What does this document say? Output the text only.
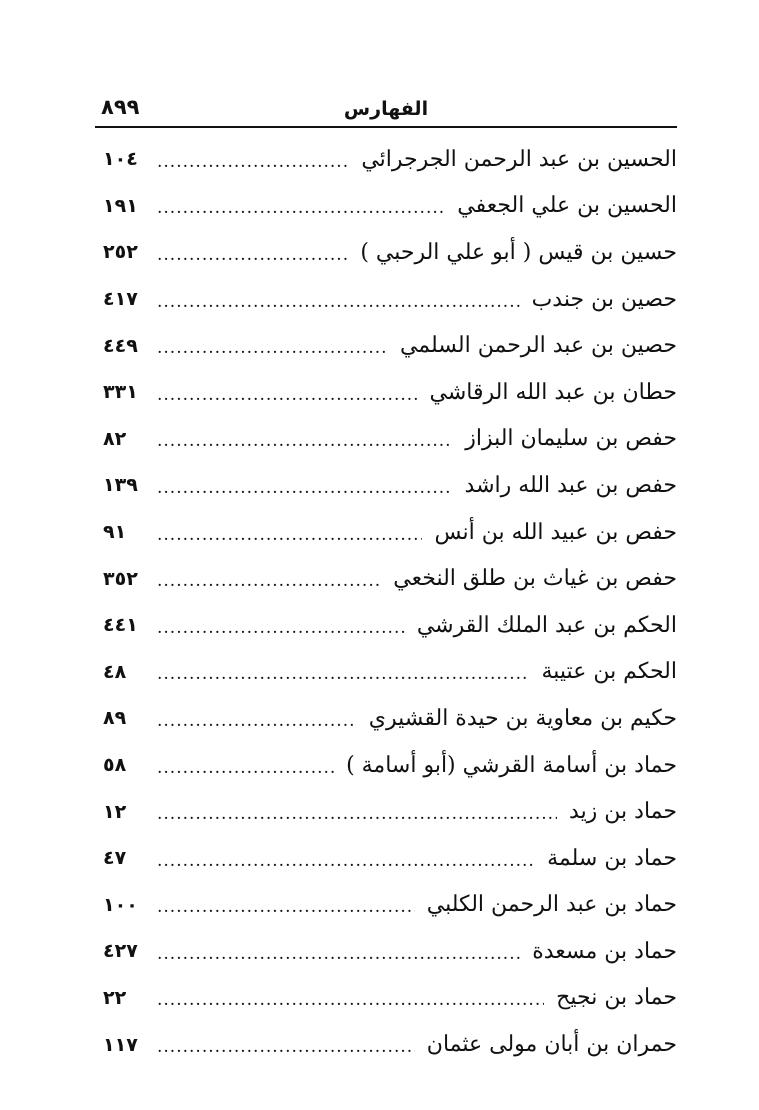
٨٩٩	الفهارس
الحسين بن عبد الرحمن الجرجرائي
.....
١٠٤
الحسين بن علي الجعفي
.....
١٩١
حسين بن قيس ( أبو علي الرحبي )
.....
٢٥٢
حصين بن جندب
.....
٤١٧
حصين بن عبد الرحمن السلمي
.....
٤٤٩
حطان بن عبد الله الرقاشي
.....
٣٣١
حفص بن سليمان البزاز
.....
٨٢
حفص بن عبد الله راشد
.....
١٣٩
حفص بن عبيد الله بن أنس
.....
٩١
حفص بن غياث بن طلق النخعي
.....
٣٥٢
الحكم بن عبد الملك القرشي
.....
٤٤١
الحكم بن عتيبة
.....
٤٨
حكيم بن معاوية بن حيدة القشيري
.....
٨٩
حماد بن أسامة القرشي (أبو أسامة )
.....
٥٨
حماد بن زيد
.....
١٢
حماد بن سلمة
.....
٤٧
حماد بن عبد الرحمن الكلبي
.....
١٠٠
حماد بن مسعدة
.....
٤٢٧
حماد بن نجيح
.....
٢٢
حمران بن أبان مولى عثمان
.....
١١٧
